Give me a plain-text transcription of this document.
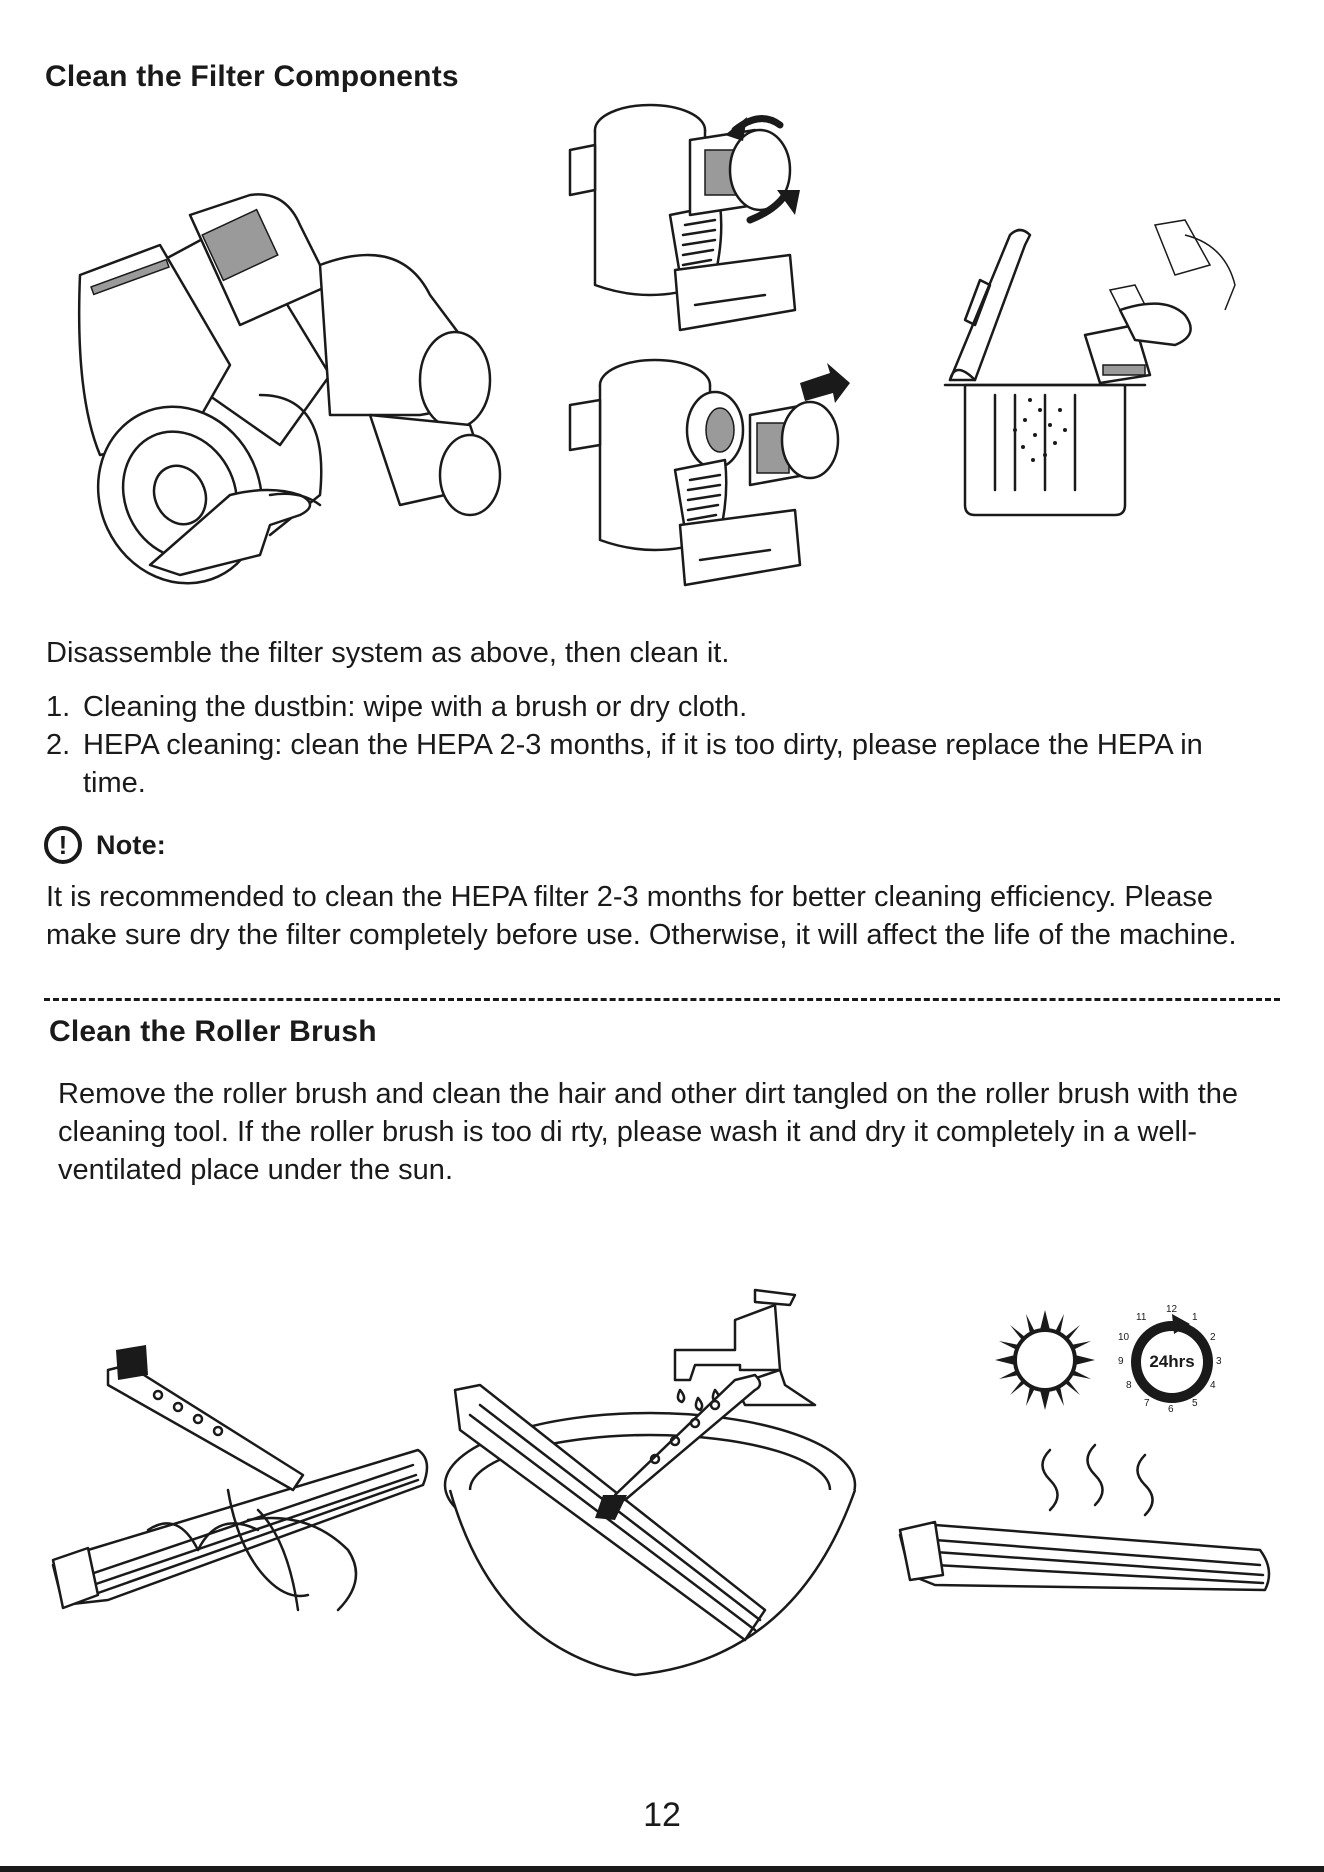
Clean the Filter Components
Disassemble the filter system as above, then clean it.
1. Cleaning the dustbin: wipe with a brush or dry cloth.
2. HEPA cleaning: clean the HEPA 2-3 months, if it is too dirty, please replace the HEPA in time.
!	Note:
It is recommended to clean the HEPA filter 2-3 months for better cleaning efficiency. Please make sure dry the filter completely before use. Otherwise, it will affect the life of the machine.
Clean the Roller Brush
Remove the roller brush and clean the hair and other dirt tangled on the roller brush with the cleaning tool. If the roller brush is too di rty, please wash it and dry it completely in a well-ventilated place under the sun.
24hrs
12
1
2
3
4
5
6
7
8
9
10
11
12
